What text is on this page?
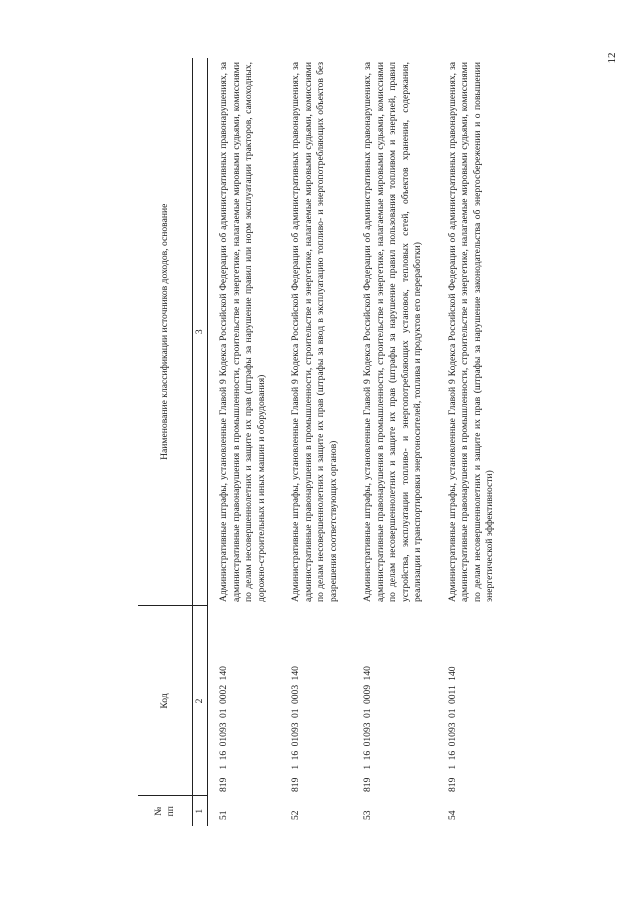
12
№ пп	Код	Наименование классификации источников доходов, основание
1	2	3
51	8191 16 01093 01 0002 140	Административные штрафы, установленные Главой 9 Кодекса Российской Федерации об административных правонарушениях, за административные правонарушения в промышленности, строительстве и энергетике, налагаемые мировыми судьями, комиссиями по делам несовершеннолетних и защите их прав (штрафы за нарушение правил или норм эксплуатации тракторов, самоходных, дорожно-строительных и иных машин и оборудования)
52	8191 16 01093 01 0003 140	Административные штрафы, установленные Главой 9 Кодекса Российской Федерации об административных правонарушениях, за административные правонарушения в промышленности, строительстве и энергетике, налагаемые мировыми судьями, комиссиями по делам несовершеннолетних и защите их прав (штрафы за ввод в эксплуатацию топливо- и энергопотребляющих объектов без разрешения соответствующих органов)
53	8191 16 01093 01 0009 140	Административные штрафы, установленные Главой 9 Кодекса Российской Федерации об административных правонарушениях, за административные правонарушения в промышленности, строительстве и энергетике, налагаемые мировыми судьями, комиссиями по делам несовершеннолетних и защите их прав (штрафы за нарушение правил пользования топливом и энергией, правил устройства, эксплуатации топливо- и энергопотребляющих установок, тепловых сетей, объектов хранения, содержания, реализации и транспортировки энергоносителей, топлива и продуктов его переработки)
54	8191 16 01093 01 0011 140	Административные штрафы, установленные Главой 9 Кодекса Российской Федерации об административных правонарушениях, за административные правонарушения в промышленности, строительстве и энергетике, налагаемые мировыми судьями, комиссиями по делам несовершеннолетних и защите их прав (штрафы за нарушение законодательства об энергосбережении и о повышении энергетической эффективности)
